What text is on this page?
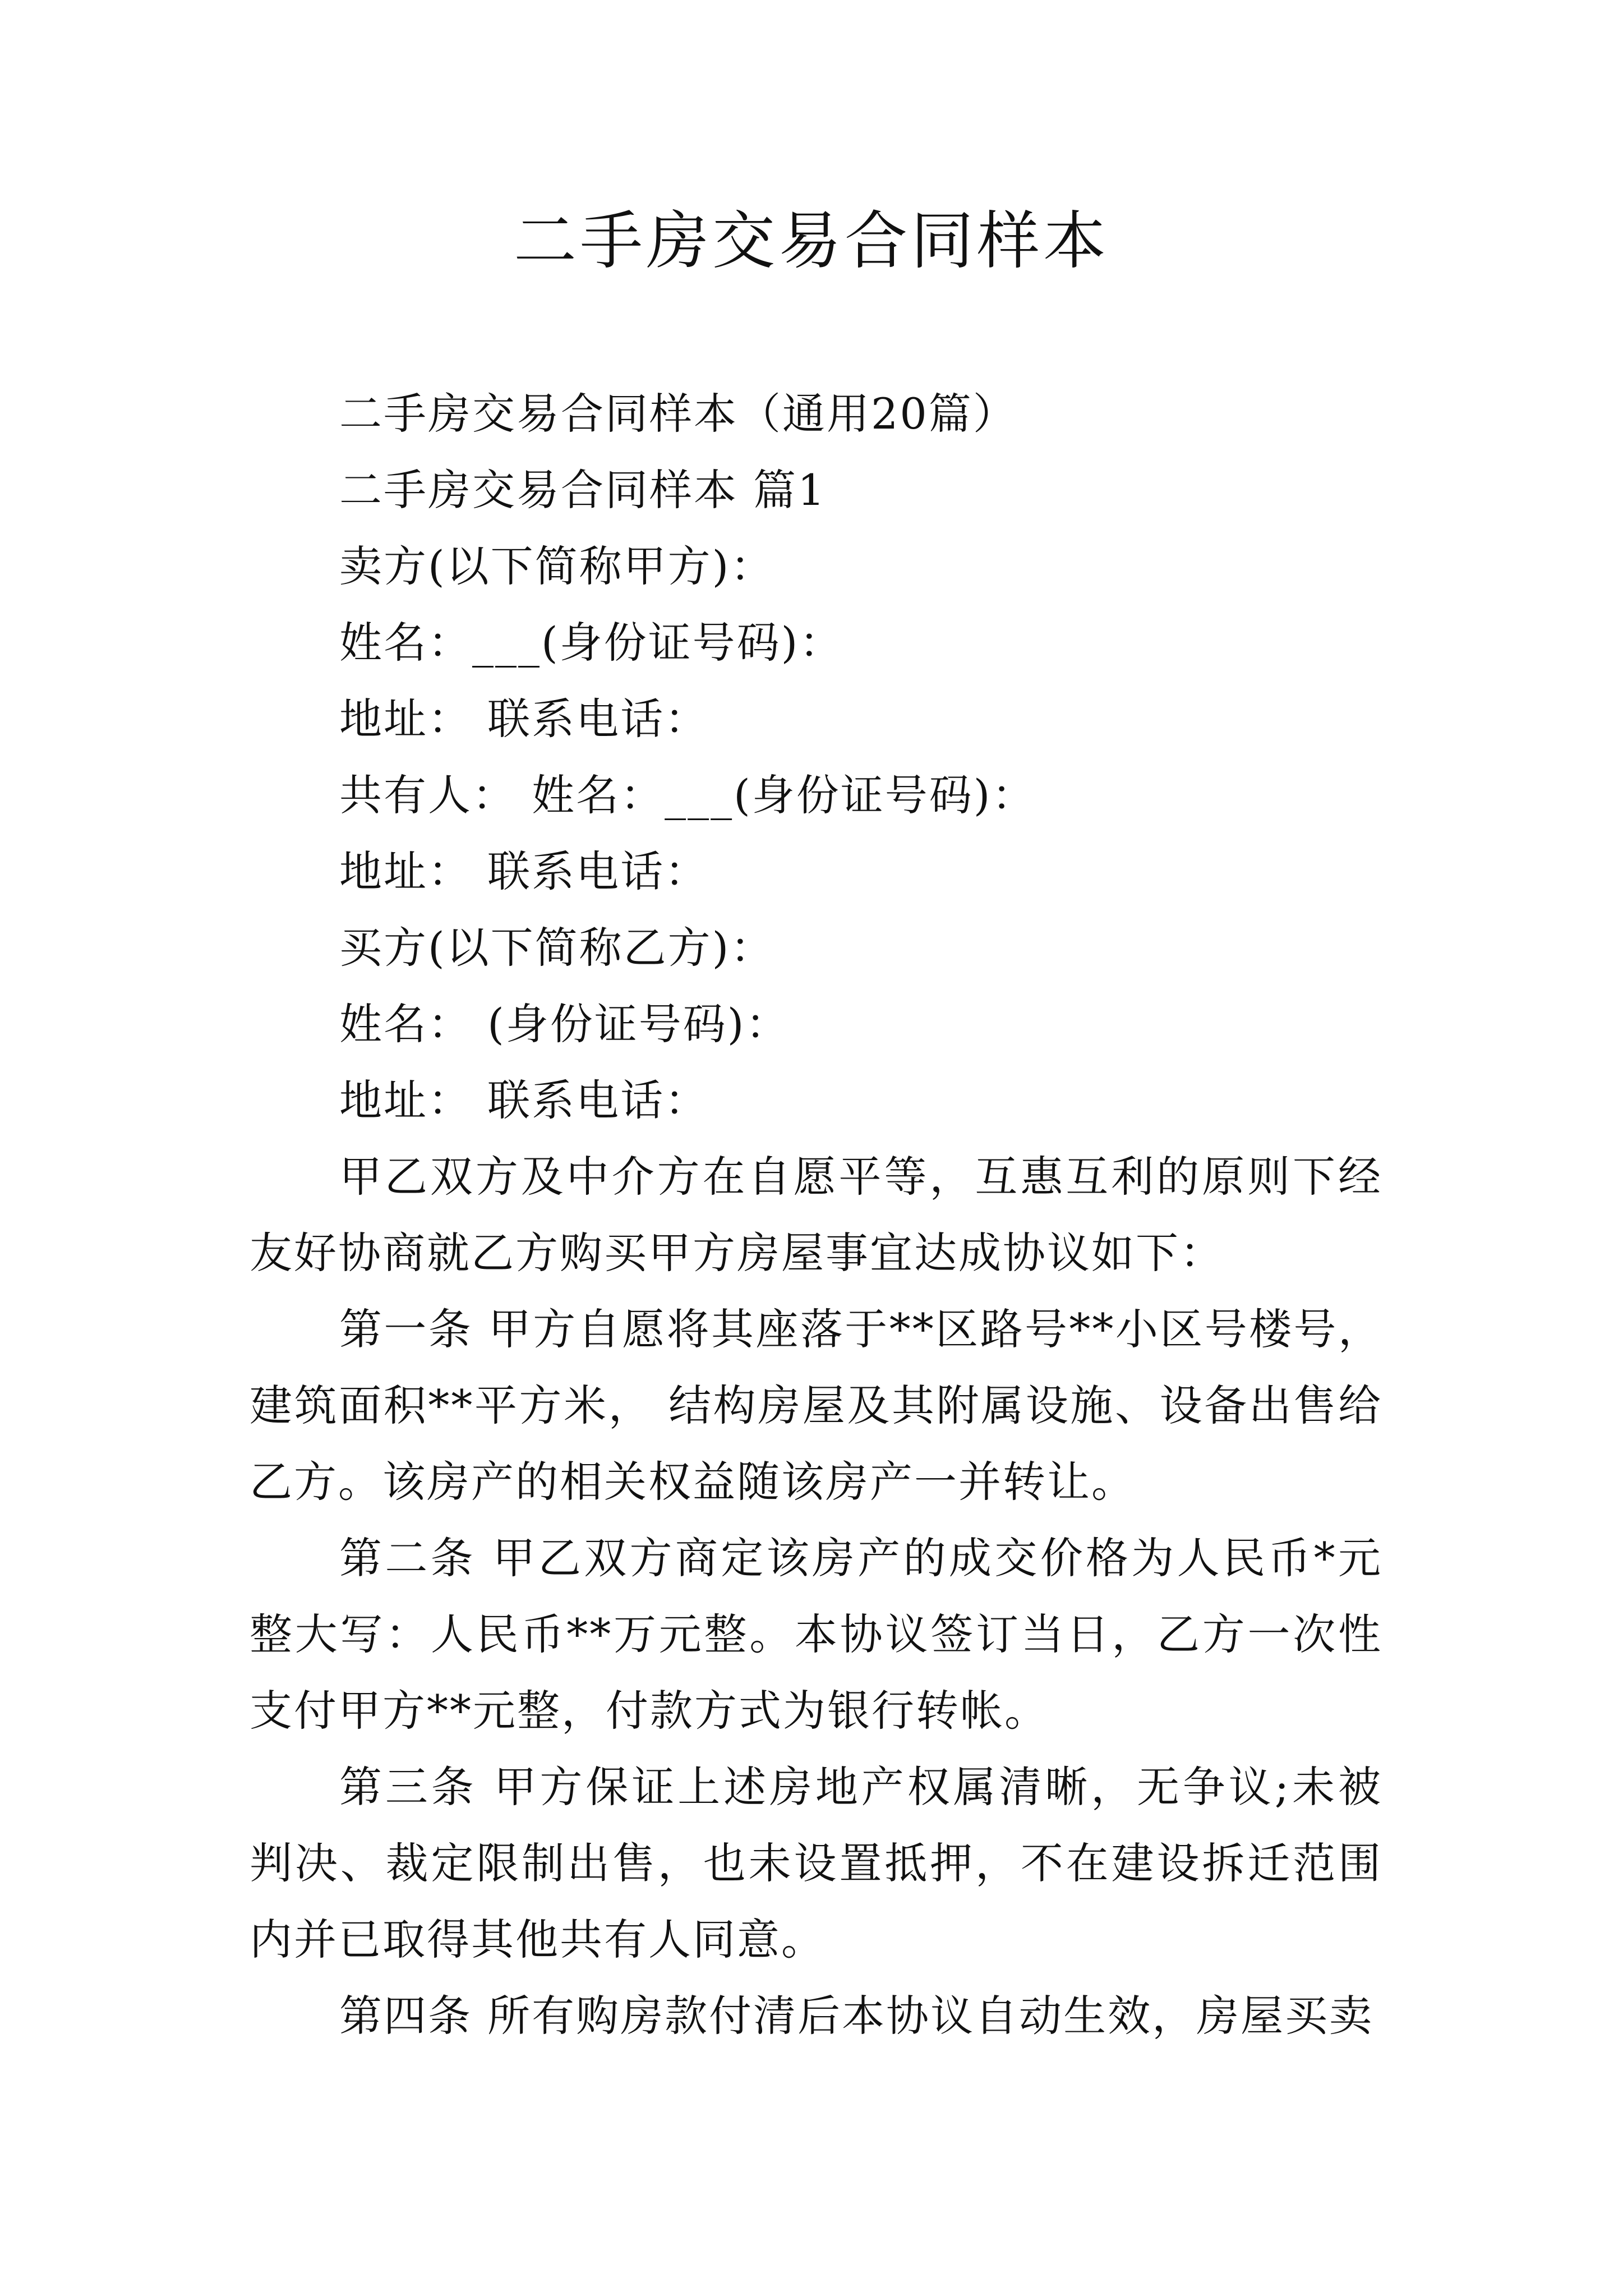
二手房交易合同样本

二手房交易合同样本（通用20篇）

二手房交易合同样本 篇1

卖方(以下简称甲方)：

姓名：___(身份证号码)：

地址： 联系电话：

共有人： 姓名：___(身份证号码)：

地址： 联系电话：

买方(以下简称乙方)：

姓名： (身份证号码)：

地址： 联系电话：

甲乙双方及中介方在自愿平等，互惠互利的原则下经友好协商就乙方购买甲方房屋事宜达成协议如下：

第一条 甲方自愿将其座落于**区路号**小区号楼号，建筑面积**平方米， 结构房屋及其附属设施、设备出售给乙方。该房产的相关权益随该房产一并转让。

第二条 甲乙双方商定该房产的成交价格为人民币*元整大写：人民币**万元整。本协议签订当日，乙方一次性支付甲方**元整，付款方式为银行转帐。

第三条 甲方保证上述房地产权属清晰，无争议;未被判决、裁定限制出售，也未设置抵押，不在建设拆迁范围内并已取得其他共有人同意。

第四条 所有购房款付清后本协议自动生效，房屋买卖
